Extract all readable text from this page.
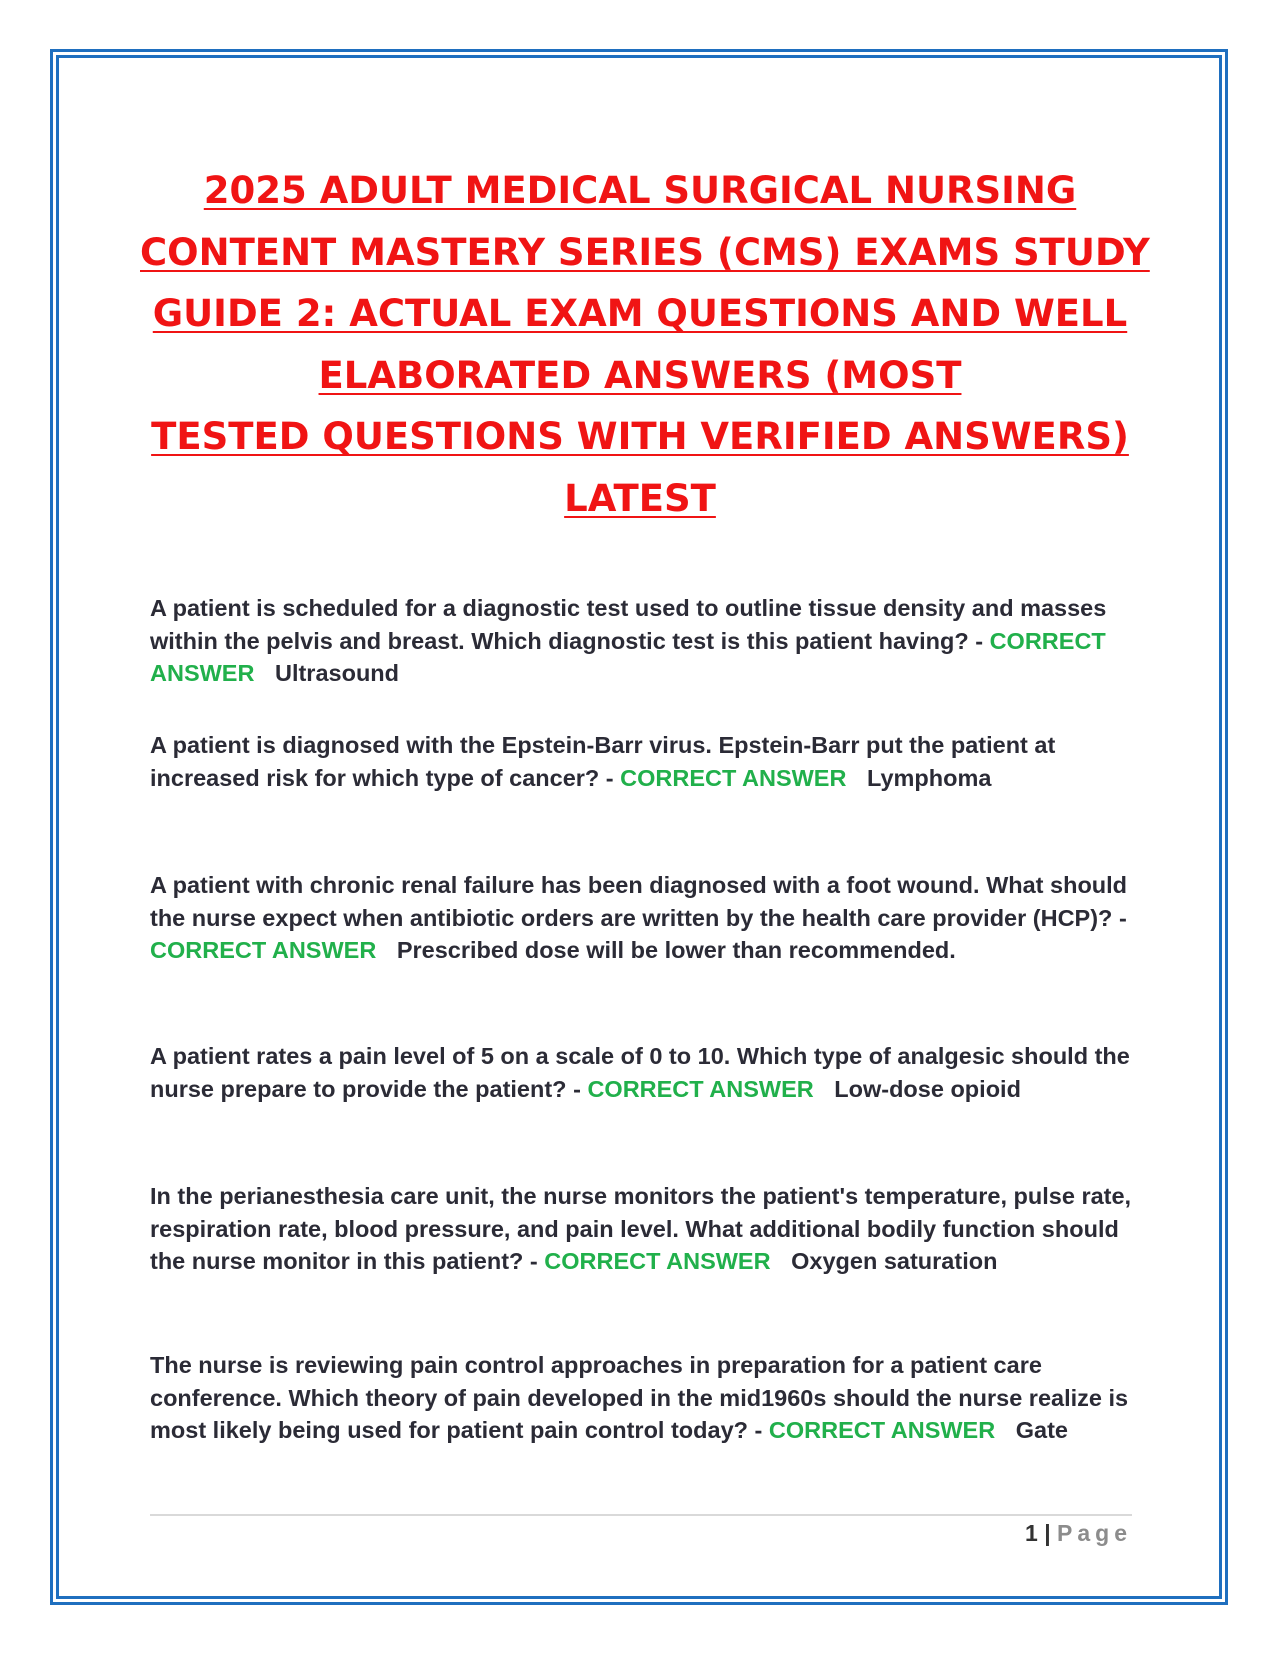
2025 ADULT MEDICAL SURGICAL NURSING
CONTENT MASTERY SERIES (CMS) EXAMS STUDY
GUIDE 2: ACTUAL EXAM QUESTIONS AND WELL
ELABORATED ANSWERS (MOST
TESTED QUESTIONS WITH VERIFIED ANSWERS)
LATEST

A patient is scheduled for a diagnostic test used to outline tissue density and masses within the pelvis and breast. Which diagnostic test is this patient having? - CORRECT ANSWER Ultrasound

A patient is diagnosed with the Epstein-Barr virus. Epstein-Barr put the patient at increased risk for which type of cancer? - CORRECT ANSWER Lymphoma

A patient with chronic renal failure has been diagnosed with a foot wound. What should the nurse expect when antibiotic orders are written by the health care provider (HCP)? - CORRECT ANSWER Prescribed dose will be lower than recommended.

A patient rates a pain level of 5 on a scale of 0 to 10. Which type of analgesic should the nurse prepare to provide the patient? - CORRECT ANSWER Low-dose opioid

In the perianesthesia care unit, the nurse monitors the patient's temperature, pulse rate, respiration rate, blood pressure, and pain level. What additional bodily function should the nurse monitor in this patient? - CORRECT ANSWER Oxygen saturation

The nurse is reviewing pain control approaches in preparation for a patient care conference. Which theory of pain developed in the mid1960s should the nurse realize is most likely being used for patient pain control today? - CORRECT ANSWER Gate

1 | Page
